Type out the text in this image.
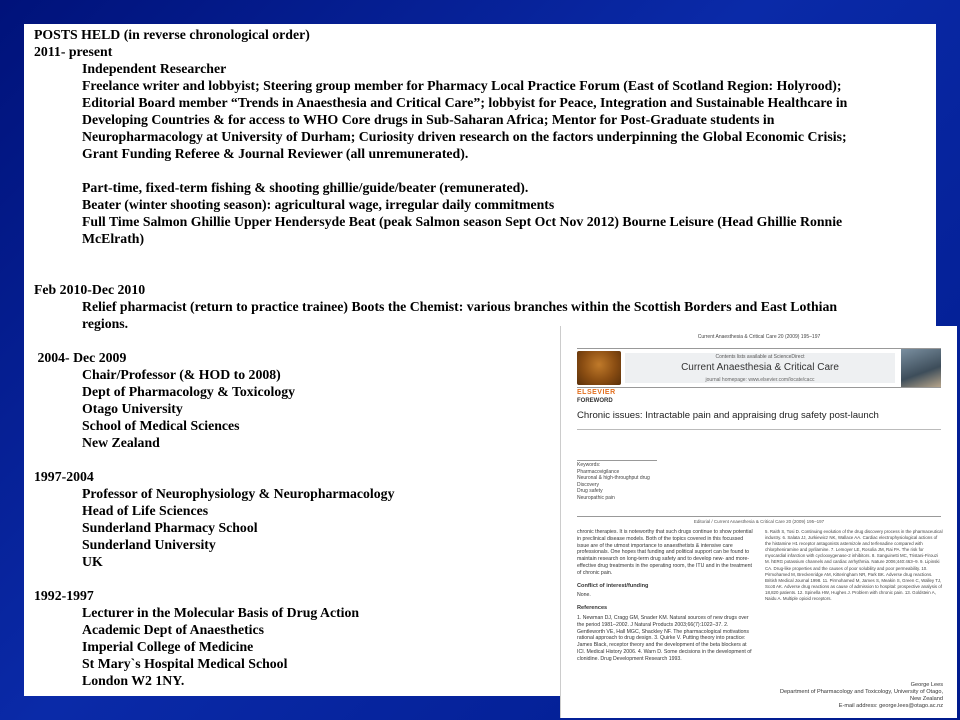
POSTS HELD (in reverse chronological order)
2011- present
Independent Researcher
Freelance writer and lobbyist; Steering group member for Pharmacy Local Practice Forum (East of Scotland Region: Holyrood);
Editorial Board member “Trends in Anaesthesia and Critical Care”; lobbyist for Peace, Integration and Sustainable Healthcare in
Developing Countries & for access to WHO Core drugs in Sub-Saharan Africa; Mentor for Post-Graduate students in
Neuropharmacology at University of Durham; Curiosity driven research on the factors underpinning the Global Economic Crisis;
Grant Funding Referee & Journal Reviewer (all unremunerated).
Part-time, fixed-term fishing & shooting ghillie/guide/beater (remunerated).
Beater (winter shooting season): agricultural wage, irregular daily commitments
Full Time Salmon Ghillie Upper Hendersyde Beat (peak Salmon season Sept Oct Nov 2012) Bourne Leisure (Head Ghillie Ronnie
McElrath)
Feb 2010-Dec 2010
Relief pharmacist (return to practice trainee) Boots the Chemist: various branches within the Scottish Borders and East Lothian
regions.
2004- Dec 2009
Chair/Professor (& HOD to 2008)
Dept of Pharmacology & Toxicology
Otago University
School of Medical Sciences
New Zealand
1997-2004
Professor of Neurophysiology & Neuropharmacology
Head of Life Sciences
Sunderland Pharmacy School
Sunderland University
UK
1992-1997
Lecturer in the Molecular Basis of Drug Action
Academic Dept of Anaesthetics
Imperial College of Medicine
St Mary`s Hospital Medical School
London W2 1NY.
Current Anaesthesia & Critical Care 20 (2009) 195–197
ELSEVIER
Contents lists available at ScienceDirect
Current Anaesthesia & Critical Care
journal homepage: www.elsevier.com/locate/cacc
FOREWORD
Chronic issues: Intractable pain and appraising drug safety post-launch
Keywords:
Pharmacovigilance
Neuronal & high-throughput drug
Discovery
Drug safety
Neuropathic pain
Editorial / Current Anaesthesia & Critical Care 20 (2009) 195–197
chronic therapies. It is noteworthy that such drugs continue to show potential in preclinical disease models. Both of the topics covered in this focussed issue are of the utmost importance to anaesthetists & intensive care professionals. One hopes that funding and political support can be found to maintain research on long-term drug safety and to develop new- and more-effective drug treatments in the operating room, the ITU and in the treatment of chronic pain.
Conflict of interest/funding
None.
References
1. Newman DJ, Cragg GM, Snader KM. Natural sources of new drugs over the period 1981–2002. J Natural Products 2003;66(7):1022–37. 2. Gentleworth VE, Hall MGC, Shackley NF. The pharmacological motivations rational approach to drug design. 3. Quirke V. Putting theory into practice: James Black, receptor theory and the development of the beta blockers at ICI. Medical History 2006. 4. Warn D. Some decisions in the development of clonidine. Drug Development Research 1993.
5. Raith S, Tosi D. Continuing evolution of the drug discovery process in the pharmaceutical industry. 6. Salata JJ, Jurkiewicz NK, Wallace AA. Cardiac electrophysiological actions of the histamine H1 receptor antagonists astemizole and terfenadine compared with chlorpheniramine and pyrilamine. 7. Lemoyer LE, Rosolia JM, Rai PA. The risk for myocardial infarction with cyclooxygenase-2 inhibitors. 8. Sanguinetti MC, Tristani-Firouzi M. hERG potassium channels and cardiac arrhythmia. Nature 2006;440:463–9. 9. Lipinski CA. Drug-like properties and the causes of poor solubility and poor permeability. 10. Pirmohamed M, Breckenridge AM, Kitteringham NR, Park BK. Adverse drug reactions. British Medical Journal 1998. 11. Pirmohamed M, James S, Meakin S, Green C, Walley TJ, Scott AK. Adverse drug reactions as cause of admission to hospital: prospective analysis of 18,820 patients. 12. Spinella HW, Hughes J. Problem with chronic pain. 13. Goldstein A, Naidu A. Multiple opioid receptors.
George Lees
Department of Pharmacology and Toxicology, University of Otago,
New Zealand
E-mail address: george.lees@otago.ac.nz
